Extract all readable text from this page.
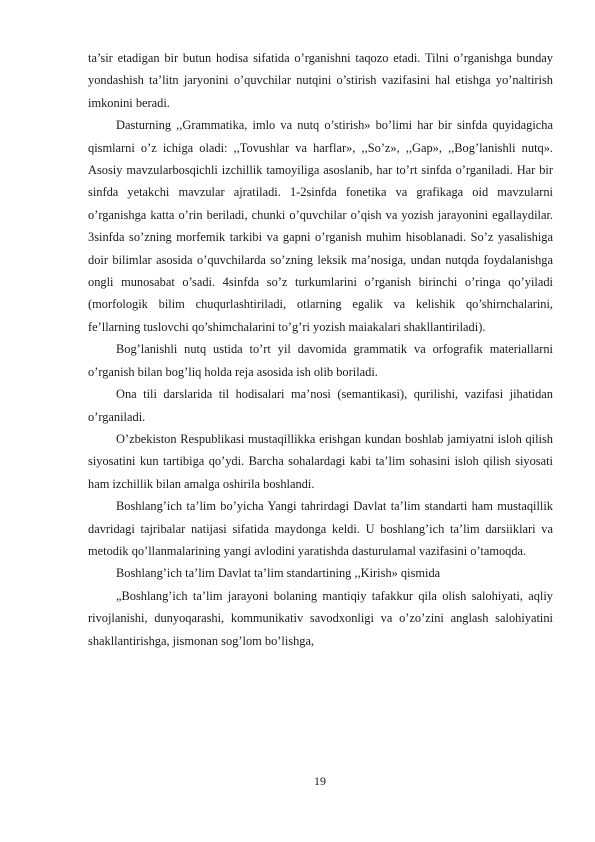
ta’sir etadigan bir butun hodisa sifatida o’rganishni taqozo etadi. Tilni o’rganishga bunday yondashish ta’litn jaryonini o’quvchilar nutqini o’stirish vazifasini hal etishga yo’naltirish imkonini beradi.

Dasturning ,,Grammatika, imlo va nutq o’stirish» bo’limi har bir sinfda quyidagicha qismlarni o’z ichiga oladi: ,,Tovushlar va harflar», ,,So’z», ,,Gap», ,,Bog’lanishli nutq». Asosiy mavzularbosqichli izchillik tamoyiliga asoslanib, har to’rt sinfda o’rganiladi. Har bir sinfda yetakchi mavzular ajratiladi. 1-2sinfda fonetika va grafikaga oid mavzularni o’rganishga katta o’rin beriladi, chunki o’quvchilar o’qish va yozish jarayonini egallaydilar. 3sinfda so’zning morfemik tarkibi va gapni o’rganish muhim hisoblanadi. So’z yasalishiga doir bilimlar asosida o’quvchilarda so’zning leksik ma’nosiga, undan nutqda foydalanishga ongli munosabat o’sadi. 4sinfda so’z turkumlarini o’rganish birinchi o’ringa qo’yiladi (morfologik bilim chuqurlashtiriladi, otlarning egalik va kelishik qo’shirnchalarini, fe’llarning tuslovchi qo’shimchalarini to’g’ri yozish maiakalari shakllantiriladi).

Bog’lanishli nutq ustida to’rt yil davomida grammatik va orfografik materiallarni o’rganish bilan bog’liq holda reja asosida ish olib boriladi.

Ona tili darslarida til hodisalari ma’nosi (semantikasi), qurilishi, vazifasi jihatidan o’rganiladi.

O’zbekiston Respublikasi mustaqillikka erishgan kundan boshlab jamiyatni isloh qilish siyosatini kun tartibiga qo’ydi. Barcha sohalardagi kabi ta’lim sohasini isloh qilish siyosati ham izchillik bilan amalga oshirila boshlandi.

Boshlang’ich ta’lim bo’yicha Yangi tahrirdagi Davlat ta’lim standarti ham mustaqillik davridagi tajribalar natijasi sifatida maydonga keldi. U boshlang’ich ta’lim darsiiklari va metodik qo’llanmalarining yangi avlodini yaratishda dasturulamal vazifasini o’tamoqda.

Boshlang’ich ta’lim Davlat ta’lim standartining ,,Kirish» qismida

„Boshlang’ich ta’lim jarayoni bolaning mantiqiy tafakkur qila olish salohiyati, aqliy rivojlanishi, dunyoqarashi, kommunikativ savodxonligi va o’zo’zini anglash salohiyatini shakllantirishga, jismonan sog’lom bo’lishga,

19
